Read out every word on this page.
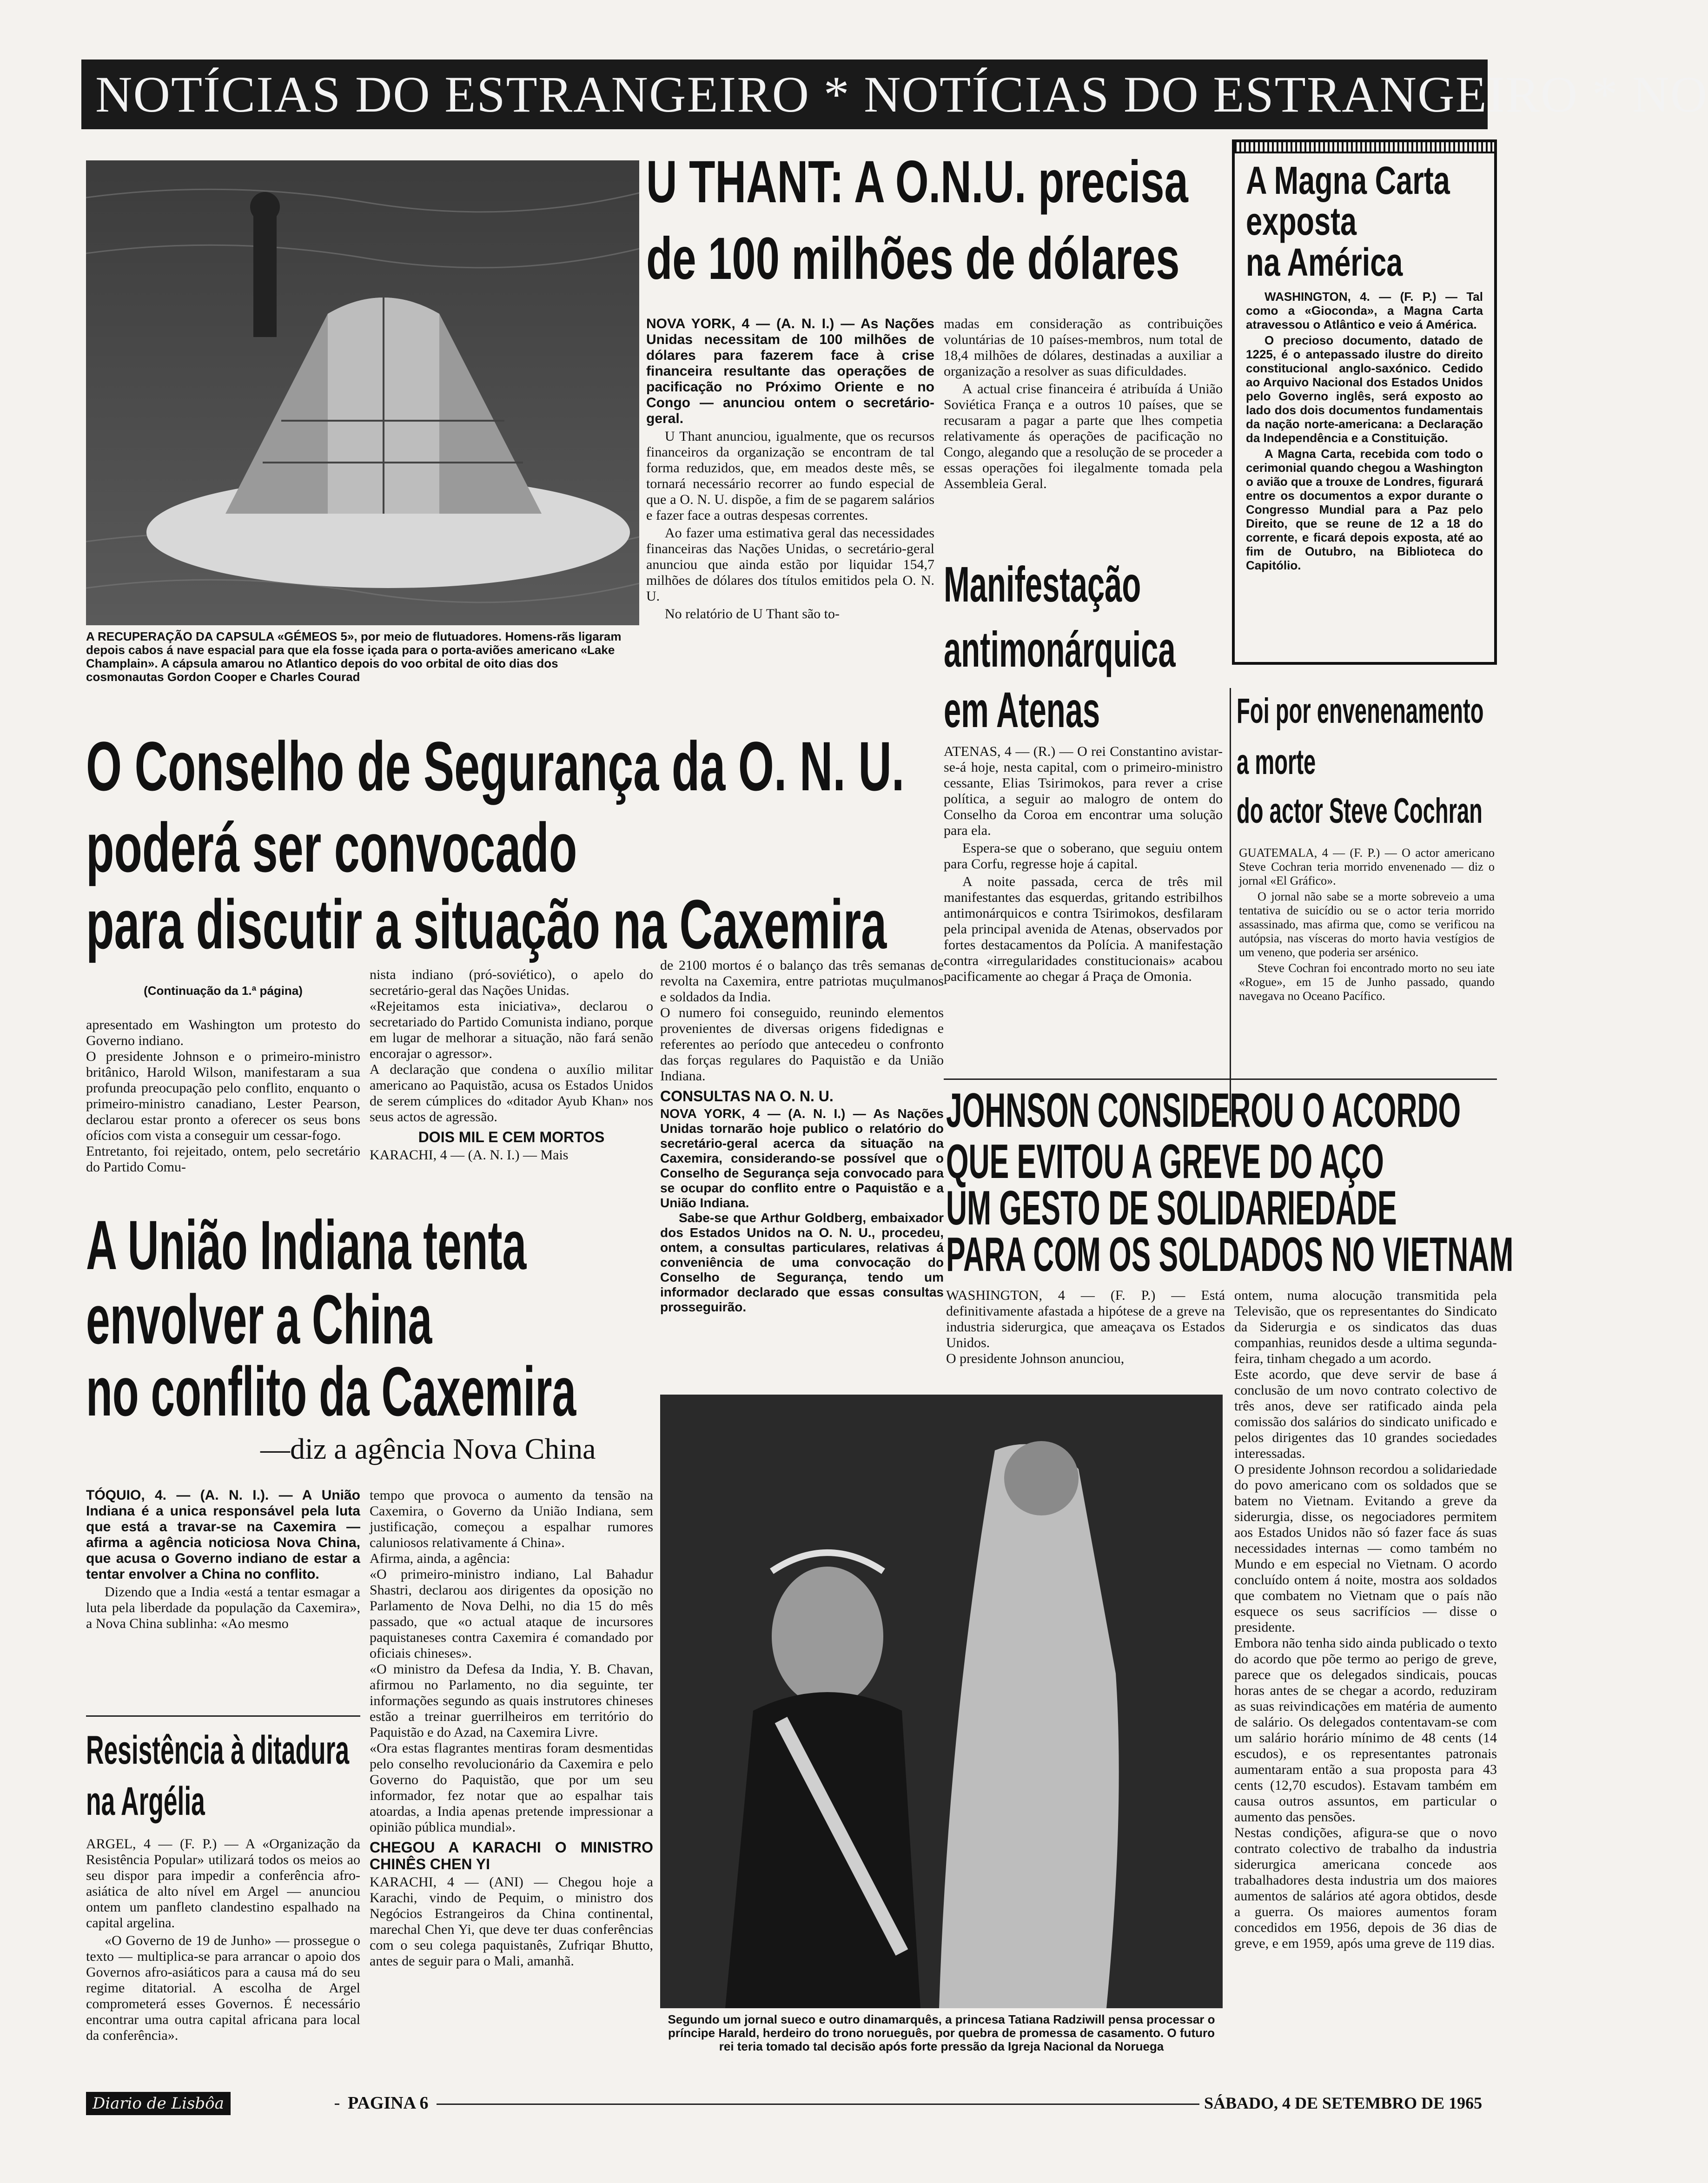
NOTÍCIAS DO ESTRANGEIRO * NOTÍCIAS DO ESTRANGEIRO * NO
A RECUPERAÇÃO DA CAPSULA «GÉMEOS 5», por meio de flutuadores. Homens-rãs ligaram depois cabos á nave espacial para que ela fosse içada para o porta-aviões americano «Lake Champlain». A cápsula amarou no Atlantico depois do voo orbital de oito dias dos cosmonautas Gordon Cooper e Charles Courad
U THANT: A O.N.U. precisa
de 100 milhões de dólares

NOVA YORK, 4 — (A. N. I.) — As Nações Unidas necessitam de 100 milhões de dólares para fazerem face à crise financeira resultante das operações de pacificação no Próximo Oriente e no Congo — anunciou ontem o secretário-geral.

U Thant anunciou, igualmente, que os recursos financeiros da organização se encontram de tal forma reduzidos, que, em meados deste mês, se tornará necessário recorrer ao fundo especial de que a O. N. U. dispõe, a fim de se pagarem salários e fazer face a outras despesas correntes.

Ao fazer uma estimativa geral das necessidades financeiras das Nações Unidas, o secretário-geral anunciou que ainda estão por liquidar 154,7 milhões de dólares dos títulos emitidos pela O. N. U.

No relatório de U Thant são to-

madas em consideração as contribuições voluntárias de 10 países-membros, num total de 18,4 milhões de dólares, destinadas a auxiliar a organização a resolver as suas dificuldades.

A actual crise financeira é atribuída á União Soviética França e a outros 10 países, que se recusaram a pagar a parte que lhes competia relativamente ás operações de pacificação no Congo, alegando que a resolução de se proceder a essas operações foi ilegalmente tomada pela Assembleia Geral.

A Magna Carta
exposta
na América

WASHINGTON, 4. — (F. P.) — Tal como a «Gioconda», a Magna Carta atravessou o Atlântico e veio á América.

O precioso documento, datado de 1225, é o antepassado ilustre do direito constitucional anglo-saxónico. Cedido ao Arquivo Nacional dos Estados Unidos pelo Governo inglês, será exposto ao lado dos dois documentos fundamentais da nação norte-americana: a Declaração da Independência e a Constituição.

A Magna Carta, recebida com todo o cerimonial quando chegou a Washington o avião que a trouxe de Londres, figurará entre os documentos a expor durante o Congresso Mundial para a Paz pelo Direito, que se reune de 12 a 18 do corrente, e ficará depois exposta, até ao fim de Outubro, na Biblioteca do Capitólio.

Manifestação
antimonárquica
em Atenas

ATENAS, 4 — (R.) — O rei Constantino avistar-se-á hoje, nesta capital, com o primeiro-ministro cessante, Elias Tsirimokos, para rever a crise política, a seguir ao malogro de ontem do Conselho da Coroa em encontrar uma solução para ela.

Espera-se que o soberano, que seguiu ontem para Corfu, regresse hoje á capital.

A noite passada, cerca de três mil manifestantes das esquerdas, gritando estribilhos antimonárquicos e contra Tsirimokos, desfilaram pela principal avenida de Atenas, observados por fortes destacamentos da Polícia. A manifestação contra «irregularidades constitucionais» acabou pacificamente ao chegar á Praça de Omonia.

Foi por envenenamento
a morte
do actor Steve Cochran

GUATEMALA, 4 — (F. P.) — O actor americano Steve Cochran teria morrido envenenado — diz o jornal «El Gráfico».

O jornal não sabe se a morte sobreveio a uma tentativa de suicídio ou se o actor teria morrido assassinado, mas afirma que, como se verificou na autópsia, nas vísceras do morto havia vestígios de um veneno, que poderia ser arsénico.

Steve Cochran foi encontrado morto no seu iate «Rogue», em 15 de Junho passado, quando navegava no Oceano Pacífico.

O Conselho de Segurança da O. N. U.
poderá ser convocado
para discutir a situação na Caxemira

(Continuação da 1.ª página)

apresentado em Washington um protesto do Governo indiano.
O presidente Johnson e o primeiro-ministro britânico, Harold Wilson, manifestaram a sua profunda preocupação pelo conflito, enquanto o primeiro-ministro canadiano, Lester Pearson, declarou estar pronto a oferecer os seus bons ofícios com vista a conseguir um cessar-fogo.
Entretanto, foi rejeitado, ontem, pelo secretário do Partido Comu-

nista indiano (pró-soviético), o apelo do secretário-geral das Nações Unidas.
«Rejeitamos esta iniciativa», declarou o secretariado do Partido Comunista indiano, porque em lugar de melhorar a situação, não fará senão encorajar o agressor».
A declaração que condena o auxílio militar americano ao Paquistão, acusa os Estados Unidos de serem cúmplices do «ditador Ayub Khan» nos seus actos de agressão.
DOIS MIL E CEM MORTOS
KARACHI, 4 — (A. N. I.) — Mais
de 2100 mortos é o balanço das três semanas de revolta na Caxemira, entre patriotas muçulmanos e soldados da India.
O numero foi conseguido, reunindo elementos provenientes de diversas origens fidedignas e referentes ao período que antecedeu o confronto das forças regulares do Paquistão e da União Indiana.
CONSULTAS NA O. N. U.
NOVA YORK, 4 — (A. N. I.) — As Nações Unidas tornarão hoje publico o relatório do secretário-geral acerca da situação na Caxemira, considerando-se possível que o Conselho de Segurança seja convocado para se ocupar do conflito entre o Paquistão e a União Indiana.
Sabe-se que Arthur Goldberg, embaixador dos Estados Unidos na O. N. U., procedeu, ontem, a consultas particulares, relativas á conveniência de uma convocação do Conselho de Segurança, tendo um informador declarado que essas consultas prosseguirão.
JOHNSON CONSIDEROU O ACORDO
QUE EVITOU A GREVE DO AÇO
UM GESTO DE SOLIDARIEDADE
PARA COM OS SOLDADOS NO VIETNAM
WASHINGTON, 4 — (F. P.) — Está definitivamente afastada a hipótese de a greve na industria siderurgica, que ameaçava os Estados Unidos.
O presidente Johnson anunciou,
ontem, numa alocução transmitida pela Televisão, que os representantes do Sindicato da Siderurgia e os sindicatos das duas companhias, reunidos desde a ultima segunda-feira, tinham chegado a um acordo.
Este acordo, que deve servir de base á conclusão de um novo contrato colectivo de três anos, deve ser ratificado ainda pela comissão dos salários do sindicato unificado e pelos dirigentes das 10 grandes sociedades interessadas.
O presidente Johnson recordou a solidariedade do povo americano com os soldados que se batem no Vietnam. Evitando a greve da siderurgia, disse, os negociadores permitem aos Estados Unidos não só fazer face ás suas necessidades internas — como também no Mundo e em especial no Vietnam. O acordo concluído ontem á noite, mostra aos soldados que combatem no Vietnam que o país não esquece os seus sacrifícios — disse o presidente.
Embora não tenha sido ainda publicado o texto do acordo que põe termo ao perigo de greve, parece que os delegados sindicais, poucas horas antes de se chegar a acordo, reduziram as suas reivindicações em matéria de aumento de salário. Os delegados contentavam-se com um salário horário mínimo de 48 cents (14 escudos), e os representantes patronais aumentaram então a sua proposta para 43 cents (12,70 escudos). Estavam também em causa outros assuntos, em particular o aumento das pensões.
Nestas condições, afigura-se que o novo contrato colectivo de trabalho da industria siderurgica americana concede aos trabalhadores desta industria um dos maiores aumentos de salários até agora obtidos, desde a guerra. Os maiores aumentos foram concedidos em 1956, depois de 36 dias de greve, e em 1959, após uma greve de 119 dias.
Segundo um jornal sueco e outro dinamarquês, a princesa Tatiana Radziwill pensa processar o príncipe Harald, herdeiro do trono norueguês, por quebra de promessa de casamento. O futuro rei teria tomado tal decisão após forte pressão da Igreja Nacional da Noruega
A União Indiana tenta
envolver a China
no conflito da Caxemira
—diz a agência Nova China

TÓQUIO, 4. — (A. N. I.). — A União Indiana é a unica responsável pela luta que está a travar-se na Caxemira — afirma a agência noticiosa Nova China, que acusa o Governo indiano de estar a tentar envolver a China no conflito.

Dizendo que a India «está a tentar esmagar a luta pela liberdade da população da Caxemira», a Nova China sublinha: «Ao mesmo

tempo que provoca o aumento da tensão na Caxemira, o Governo da União Indiana, sem justificação, começou a espalhar rumores caluniosos relativamente á China».
Afirma, ainda, a agência:
«O primeiro-ministro indiano, Lal Bahadur Shastri, declarou aos dirigentes da oposição no Parlamento de Nova Delhi, no dia 15 do mês passado, que «o actual ataque de incursores paquistaneses contra Caxemira é comandado por oficiais chineses».
«O ministro da Defesa da India, Y. B. Chavan, afirmou no Parlamento, no dia seguinte, ter informações segundo as quais instrutores chineses estão a treinar guerrilheiros em território do Paquistão e do Azad, na Caxemira Livre.
«Ora estas flagrantes mentiras foram desmentidas pelo conselho revolucionário da Caxemira e pelo Governo do Paquistão, que por um seu informador, fez notar que ao espalhar tais atoardas, a India apenas pretende impressionar a opinião pública mundial».
CHEGOU A KARACHI O MINISTRO CHINÊS CHEN YI
KARACHI, 4 — (ANI) — Chegou hoje a Karachi, vindo de Pequim, o ministro dos Negócios Estrangeiros da China continental, marechal Chen Yi, que deve ter duas conferências com o seu colega paquistanês, Zufriqar Bhutto, antes de seguir para o Mali, amanhã.
Resistência à ditadura
na Argélia

ARGEL, 4 — (F. P.) — A «Organização da Resistência Popular» utilizará todos os meios ao seu dispor para impedir a conferência afro-asiática de alto nível em Argel — anunciou ontem um panfleto clandestino espalhado na capital argelina.

«O Governo de 19 de Junho» — prossegue o texto — multiplica-se para arrancar o apoio dos Governos afro-asiáticos para a causa má do seu regime ditatorial. A escolha de Argel comprometerá esses Governos. É necessário encontrar uma outra capital africana para local da conferência».

Diario de Lisbôa	PAGINA 6	SÁBADO, 4 DE SETEMBRO DE 1965
